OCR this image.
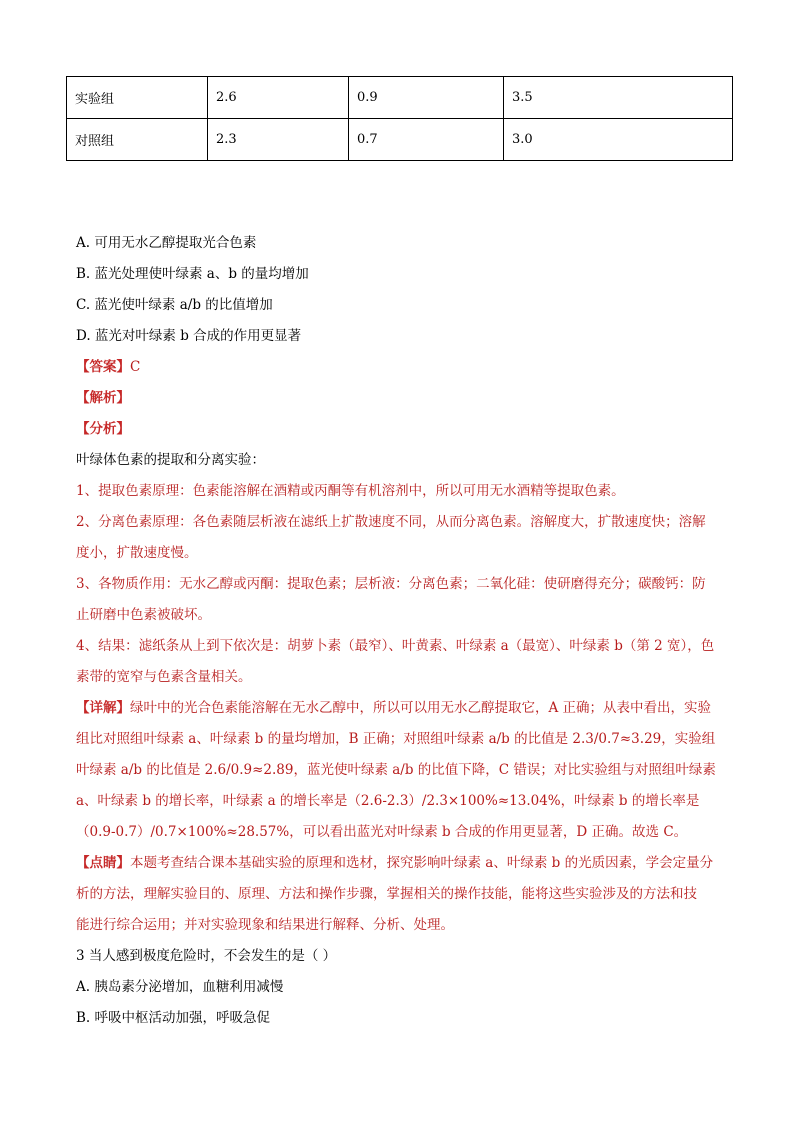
实验组	2.6	0.9	3.5
对照组	2.3	0.7	3.0
A. 可用无水乙醇提取光合色素
B. 蓝光处理使叶绿素 a、b 的量均增加
C. 蓝光使叶绿素 a/b 的比值增加
D. 蓝光对叶绿素 b 合成的作用更显著
【答案】C
【解析】
【分析】
叶绿体色素的提取和分离实验：
1、提取色素原理：色素能溶解在酒精或丙酮等有机溶剂中，所以可用无水酒精等提取色素。
2、分离色素原理：各色素随层析液在滤纸上扩散速度不同，从而分离色素。溶解度大，扩散速度快；溶解
度小，扩散速度慢。
3、各物质作用：无水乙醇或丙酮：提取色素；层析液：分离色素；二氧化硅：使研磨得充分；碳酸钙：防
止研磨中色素被破坏。
4、结果：滤纸条从上到下依次是：胡萝卜素（最窄）、叶黄素、叶绿素 a（最宽）、叶绿素 b（第 2 宽），色
素带的宽窄与色素含量相关。
【详解】绿叶中的光合色素能溶解在无水乙醇中，所以可以用无水乙醇提取它，A 正确；从表中看出，实验
组比对照组叶绿素 a、叶绿素 b 的量均增加，B 正确；对照组叶绿素 a/b 的比值是 2.3/0.7≈3.29，实验组
叶绿素 a/b 的比值是 2.6/0.9≈2.89，蓝光使叶绿素 a/b 的比值下降，C 错误；对比实验组与对照组叶绿素
a、叶绿素 b 的增长率，叶绿素 a 的增长率是（2.6-2.3）/2.3×100%≈13.04%，叶绿素 b 的增长率是
（0.9-0.7）/0.7×100%≈28.57%，可以看出蓝光对叶绿素 b 合成的作用更显著，D 正确。故选 C。
【点睛】本题考查结合课本基础实验的原理和选材，探究影响叶绿素 a、叶绿素 b 的光质因素，学会定量分
析的方法，理解实验目的、原理、方法和操作步骤，掌握相关的操作技能，能将这些实验涉及的方法和技
能进行综合运用；并对实验现象和结果进行解释、分析、处理。
3 当人感到极度危险时，不会发生的是（ ）
A. 胰岛素分泌增加，血糖利用减慢
B. 呼吸中枢活动加强，呼吸急促
